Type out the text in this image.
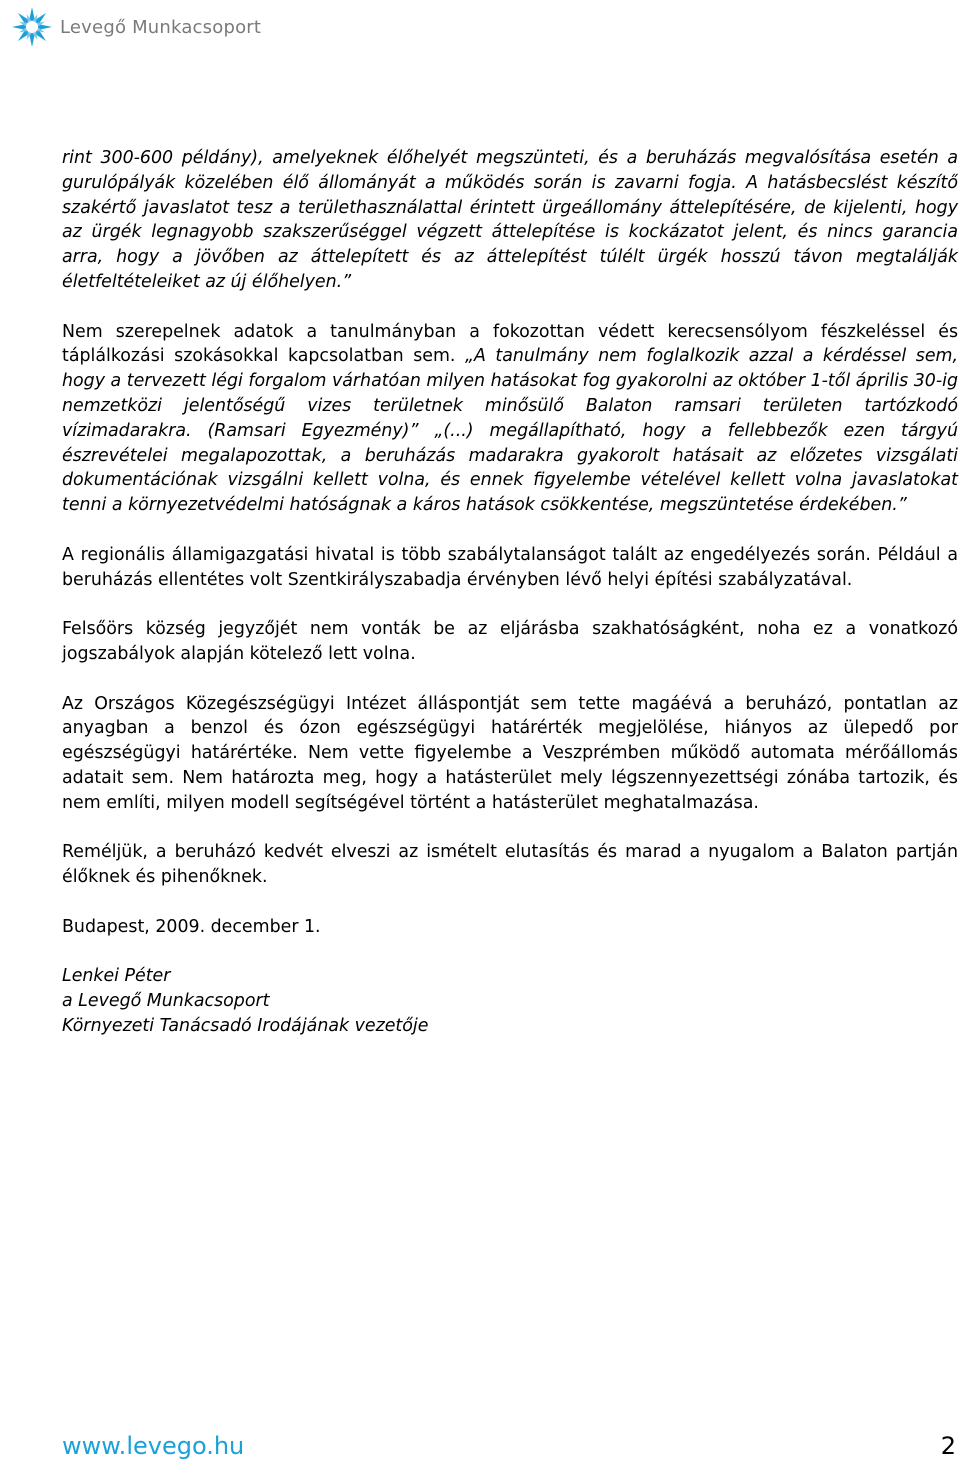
Levegő Munkacsoport

rint 300-600 példány), amelyeknek élőhelyét megszünteti, és a beruházás megvalósítása esetén a gurulópályák közelében élő állományát a működés során is zavarni fogja. A hatásbecslést készítő szakértő javaslatot tesz a területhasználattal érintett ürgeállomány áttelepítésére, de kijelenti, hogy az ürgék legnagyobb szakszerűséggel végzett áttelepítése is kockázatot jelent, és nincs garancia arra, hogy a jövőben az áttelepített és az áttelepítést túlélt ürgék hosszú távon megtalálják életfeltételeiket az új élőhelyen.”

Nem szerepelnek adatok a tanulmányban a fokozottan védett kerecsensólyom fészkeléssel és táplálkozási szokásokkal kapcsolatban sem. „A tanulmány nem foglalkozik azzal a kérdéssel sem, hogy a tervezett légi forgalom várhatóan milyen hatásokat fog gyakorolni az október 1-től április 30-ig nemzetközi jelentőségű vizes területnek minősülő Balaton ramsari területen tartózkodó vízimadarakra. (Ramsari Egyezmény)” „(...) megállapítható, hogy a fellebbezők ezen tárgyú észrevételei megalapozottak, a beruházás madarakra gyakorolt hatásait az előzetes vizsgálati dokumentációnak vizsgálni kellett volna, és ennek figyelembe vételével kellett volna javaslatokat tenni a környezetvédelmi hatóságnak a káros hatások csökkentése, megszüntetése érdekében.”

A regionális államigazgatási hivatal is több szabálytalanságot talált az engedélyezés során. Például a beruházás ellentétes volt Szentkirályszabadja érvényben lévő helyi építési szabályzatával.

Felsőörs község jegyzőjét nem vonták be az eljárásba szakhatóságként, noha ez a vonatkozó jogszabályok alapján kötelező lett volna.

Az Országos Közegészségügyi Intézet álláspontját sem tette magáévá a beruházó, pontatlan az anyagban a benzol és ózon egészségügyi határérték megjelölése, hiányos az ülepedő por egészségügyi határértéke. Nem vette figyelembe a Veszprémben működő automata mérőállomás adatait sem. Nem határozta meg, hogy a hatásterület mely légszennyezettségi zónába tartozik, és nem említi, milyen modell segítségével történt a hatásterület meghatalmazása.

Reméljük, a beruházó kedvét elveszi az ismételt elutasítás és marad a nyugalom a Balaton partján élőknek és pihenőknek.

Budapest, 2009. december 1.

Lenkei Péter

a Levegő Munkacsoport

Környezeti Tanácsadó Irodájának vezetője

www.levego.hu	2
